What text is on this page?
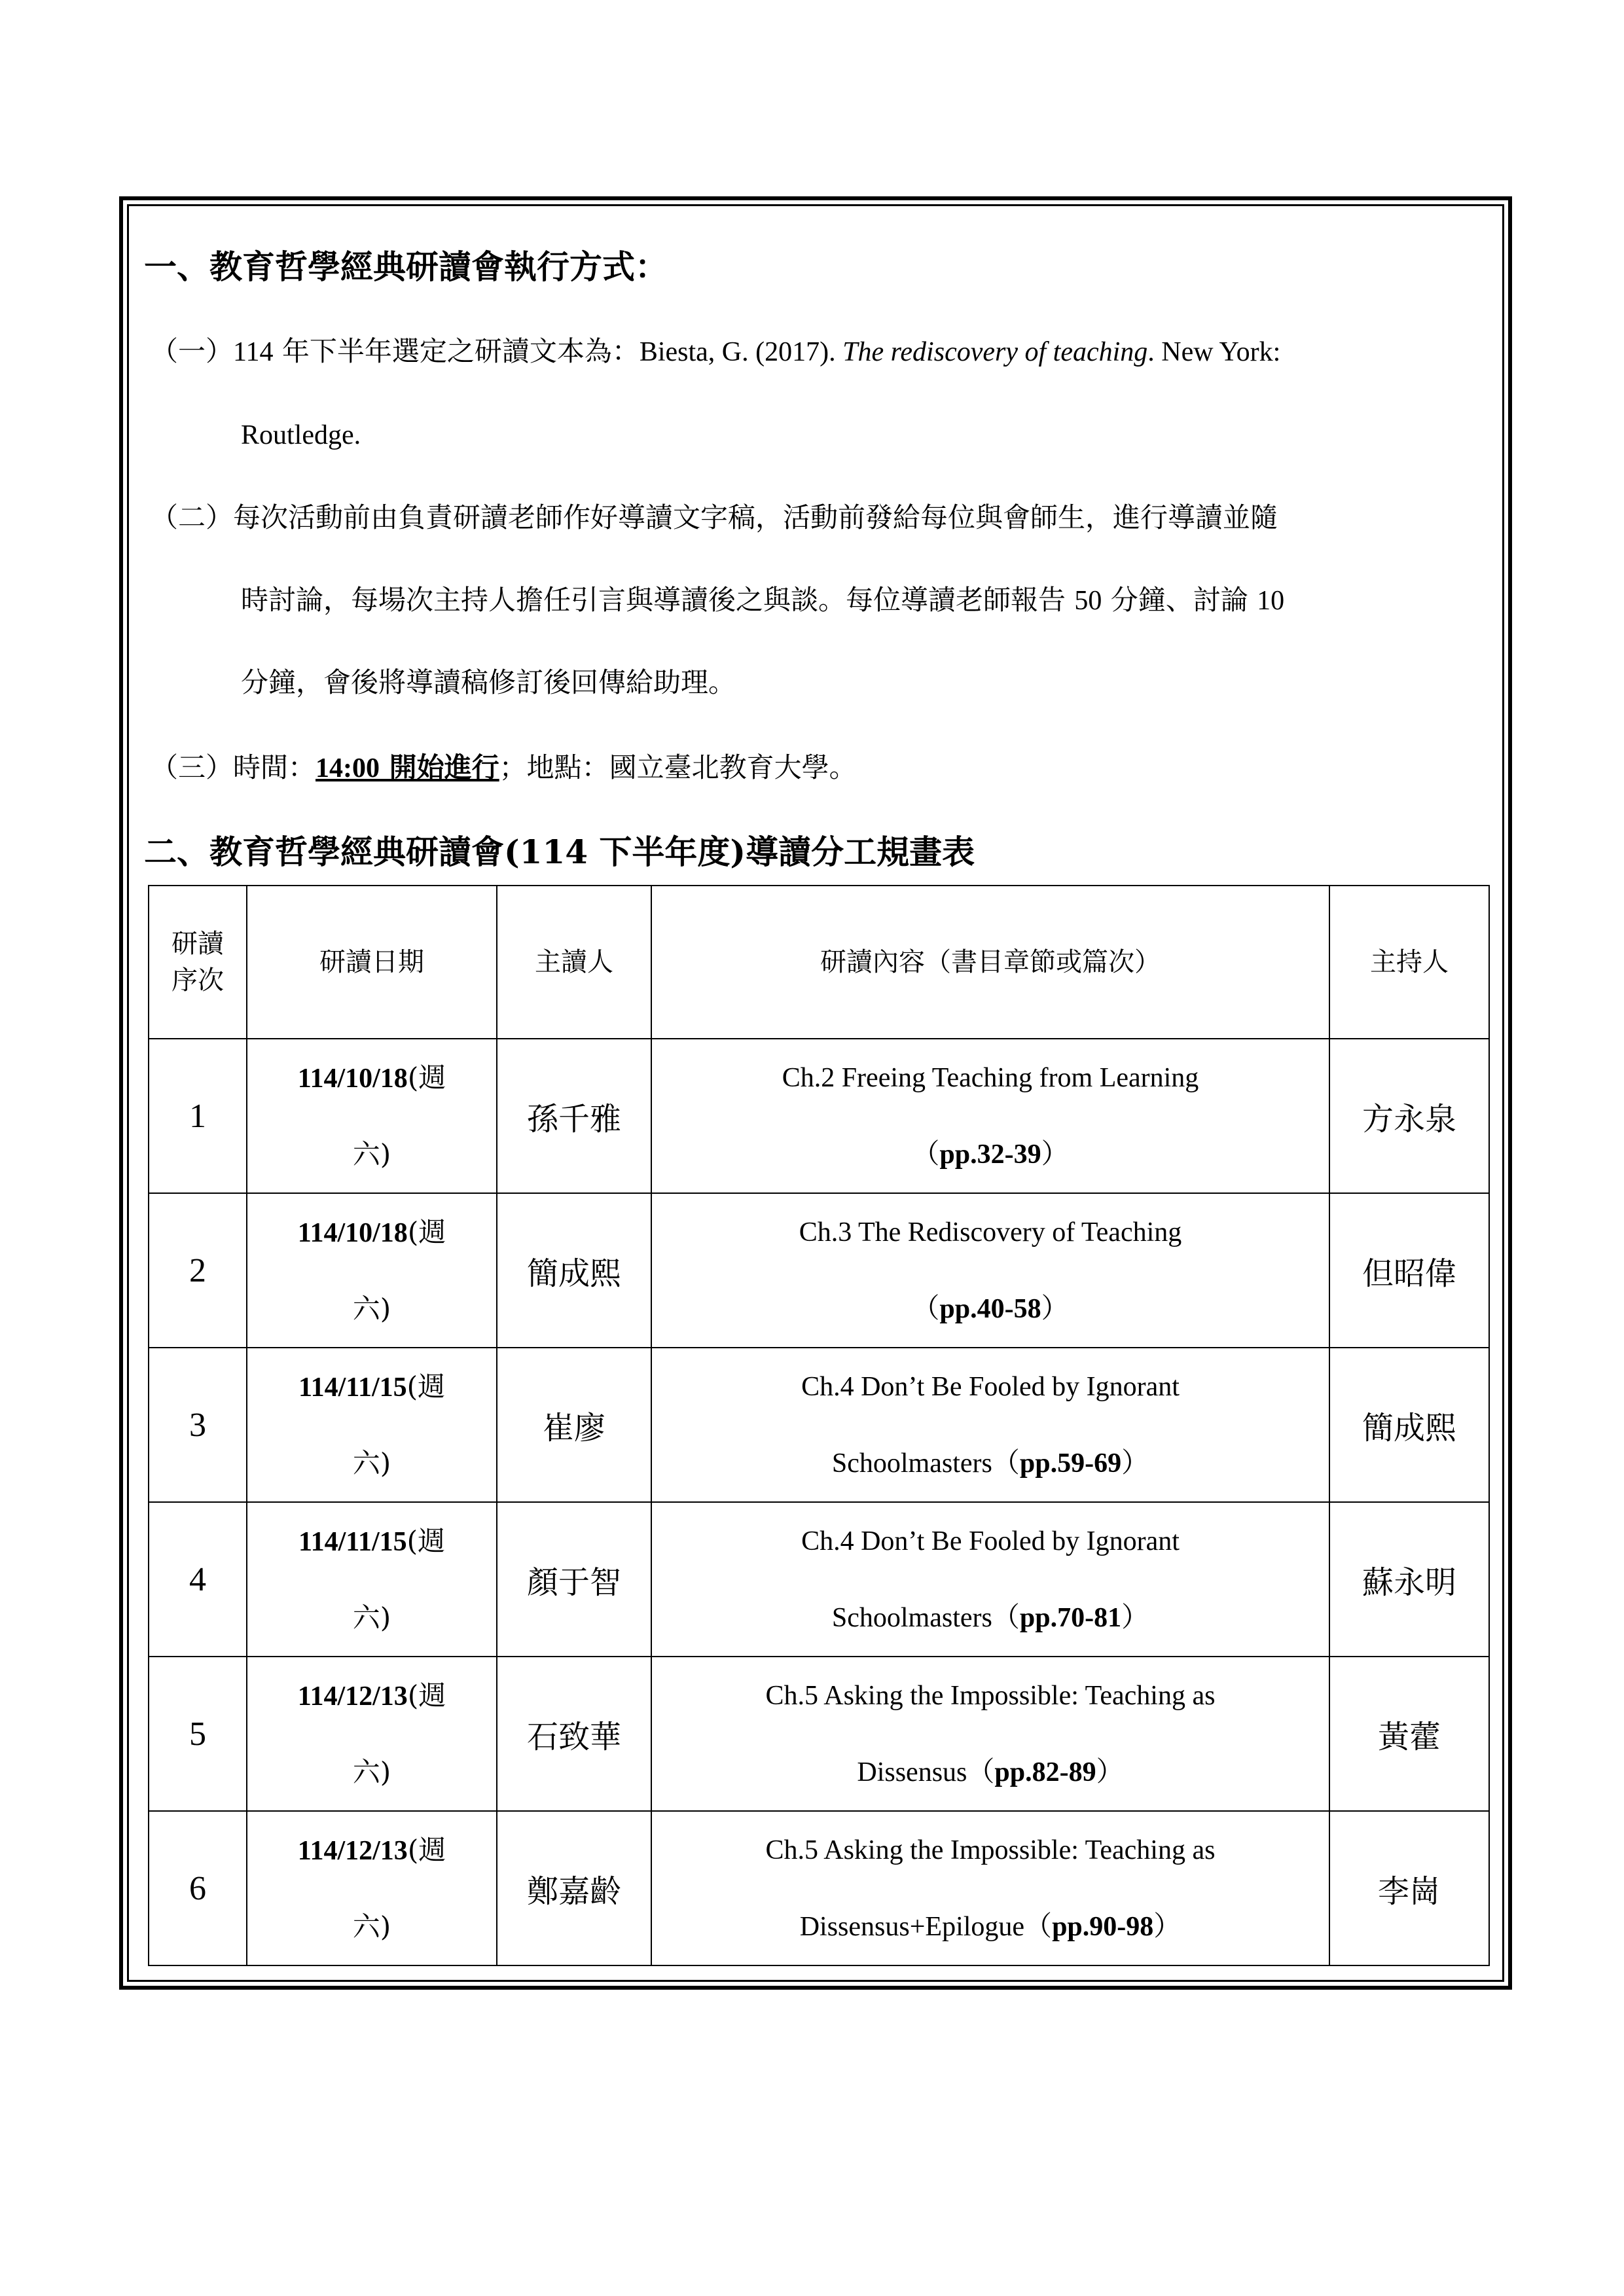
一、教育哲學經典研讀會執行方式：
（一）114 年下半年選定之研讀文本為：Biesta, G. (2017). The rediscovery of teaching. New York:
Routledge.
（二）每次活動前由負責研讀老師作好導讀文字稿，活動前發給每位與會師生，進行導讀並隨
時討論，每場次主持人擔任引言與導讀後之與談。每位導讀老師報告 50 分鐘、討論 10
分鐘，會後將導讀稿修訂後回傳給助理。
（三）時間：14:00 開始進行；地點：國立臺北教育大學。
二、教育哲學經典研讀會(114 下半年度)導讀分工規畫表
研讀
序次	研讀日期	主讀人	研讀內容（書目章節或篇次）	主持人
1	114/10/18(週
六)	孫千雅	Ch.2 Freeing Teaching from Learning
（pp.32-39）	方永泉
2	114/10/18(週
六)	簡成熙	Ch.3 The Rediscovery of Teaching
（pp.40-58）	但昭偉
3	114/11/15(週
六)	崔廖	Ch.4 Don’t Be Fooled by Ignorant
Schoolmasters（pp.59-69）	簡成熙
4	114/11/15(週
六)	顏于智	Ch.4 Don’t Be Fooled by Ignorant
Schoolmasters（pp.70-81）	蘇永明
5	114/12/13(週
六)	石致華	Ch.5 Asking the Impossible: Teaching as
Dissensus（pp.82-89）	黃藿
6	114/12/13(週
六)	鄭嘉齡	Ch.5 Asking the Impossible: Teaching as
Dissensus+Epilogue（pp.90-98）	李崗
